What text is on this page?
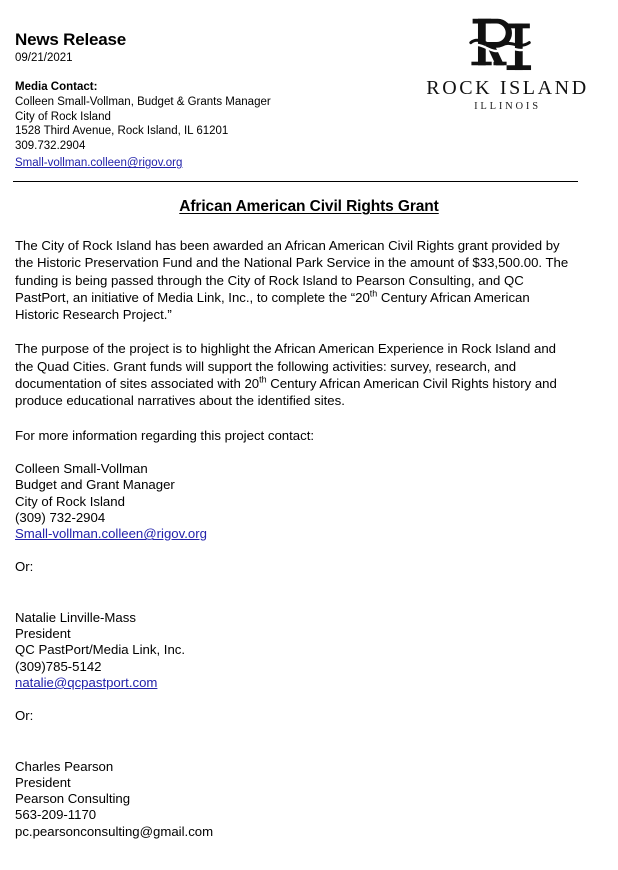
News Release

09/21/2021

Media Contact:

Colleen Small-Vollman, Budget & Grants Manager

City of Rock Island

1528 Third Avenue, Rock Island, IL 61201

309.732.2904

Small-vollman.colleen@rigov.org

ROCK ISLAND

ILLINOIS

African American Civil Rights Grant

The City of Rock Island has been awarded an African American Civil Rights grant provided by the Historic Preservation Fund and the National Park Service in the amount of $33,500.00. The funding is being passed through the City of Rock Island to Pearson Consulting, and QC PastPort, an initiative of Media Link, Inc., to complete the “20th Century African American Historic Research Project.”

The purpose of the project is to highlight the African American Experience in Rock Island and the Quad Cities. Grant funds will support the following activities: survey, research, and documentation of sites associated with 20th Century African American Civil Rights history and produce educational narratives about the identified sites.

For more information regarding this project contact:

Colleen Small-Vollman

Budget and Grant Manager

City of Rock Island

(309) 732-2904

Small-vollman.colleen@rigov.org

Or:

Natalie Linville-Mass

President

QC PastPort/Media Link, Inc.

(309)785-5142

natalie@qcpastport.com

Or:

Charles Pearson

President

Pearson Consulting

563-209-1170

pc.pearsonconsulting@gmail.com
